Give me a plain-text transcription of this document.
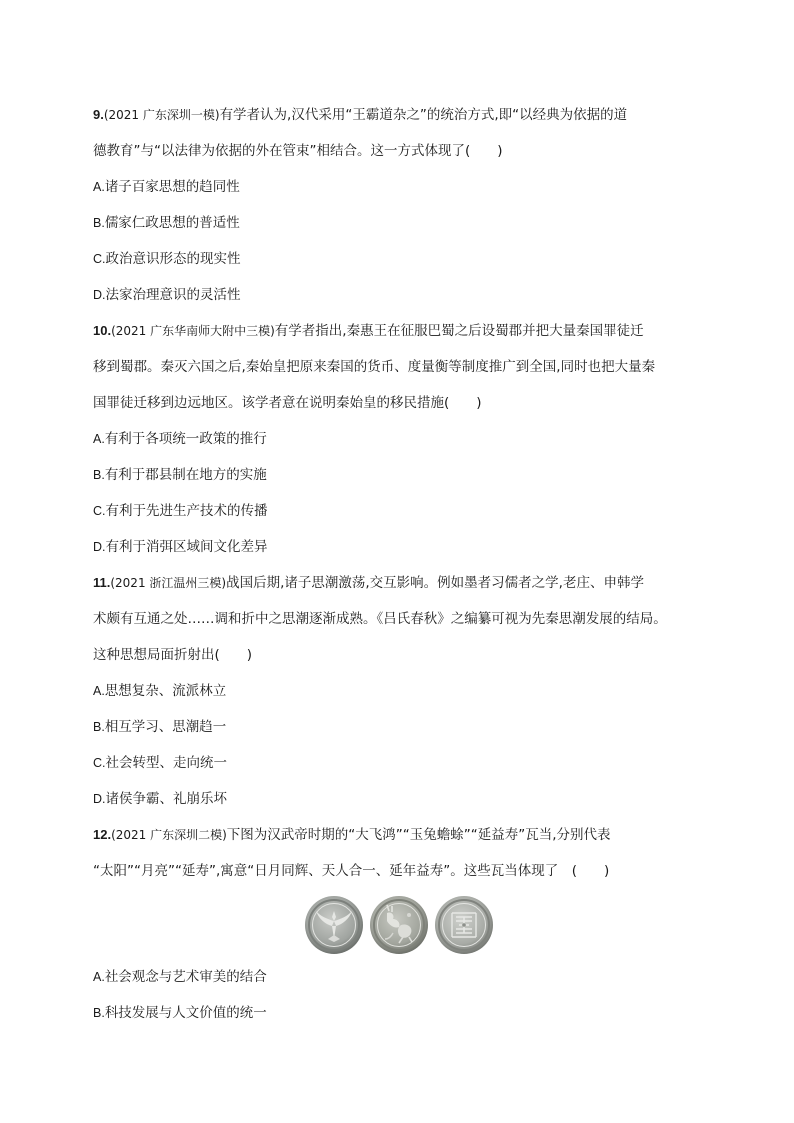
9.(2021 广东深圳一模)有学者认为,汉代采用“王霸道杂之”的统治方式,即“以经典为依据的道
德教育”与“以法律为依据的外在管束”相结合。这一方式体现了(　　)
A.诸子百家思想的趋同性
B.儒家仁政思想的普适性
C.政治意识形态的现实性
D.法家治理意识的灵活性
10.(2021 广东华南师大附中三模)有学者指出,秦惠王在征服巴蜀之后设蜀郡并把大量秦国罪徒迁
移到蜀郡。秦灭六国之后,秦始皇把原来秦国的货币、度量衡等制度推广到全国,同时也把大量秦
国罪徒迁移到边远地区。该学者意在说明秦始皇的移民措施(　　)
A.有利于各项统一政策的推行
B.有利于郡县制在地方的实施
C.有利于先进生产技术的传播
D.有利于消弭区域间文化差异
11.(2021 浙江温州三模)战国后期,诸子思潮激荡,交互影响。例如墨者习儒者之学,老庄、申韩学
术颇有互通之处……调和折中之思潮逐渐成熟。《吕氏春秋》之编纂可视为先秦思潮发展的结局。
这种思想局面折射出(　　)
A.思想复杂、流派林立
B.相互学习、思潮趋一
C.社会转型、走向统一
D.诸侯争霸、礼崩乐坏
12.(2021 广东深圳二模)下图为汉武帝时期的“大飞鸿”“玉兔蟾蜍”“延益寿”瓦当,分别代表
“太阳”“月亮”“延寿”,寓意“日月同辉、天人合一、延年益寿”。这些瓦当体现了　(　　)
A.社会观念与艺术审美的结合
B.科技发展与人文价值的统一
